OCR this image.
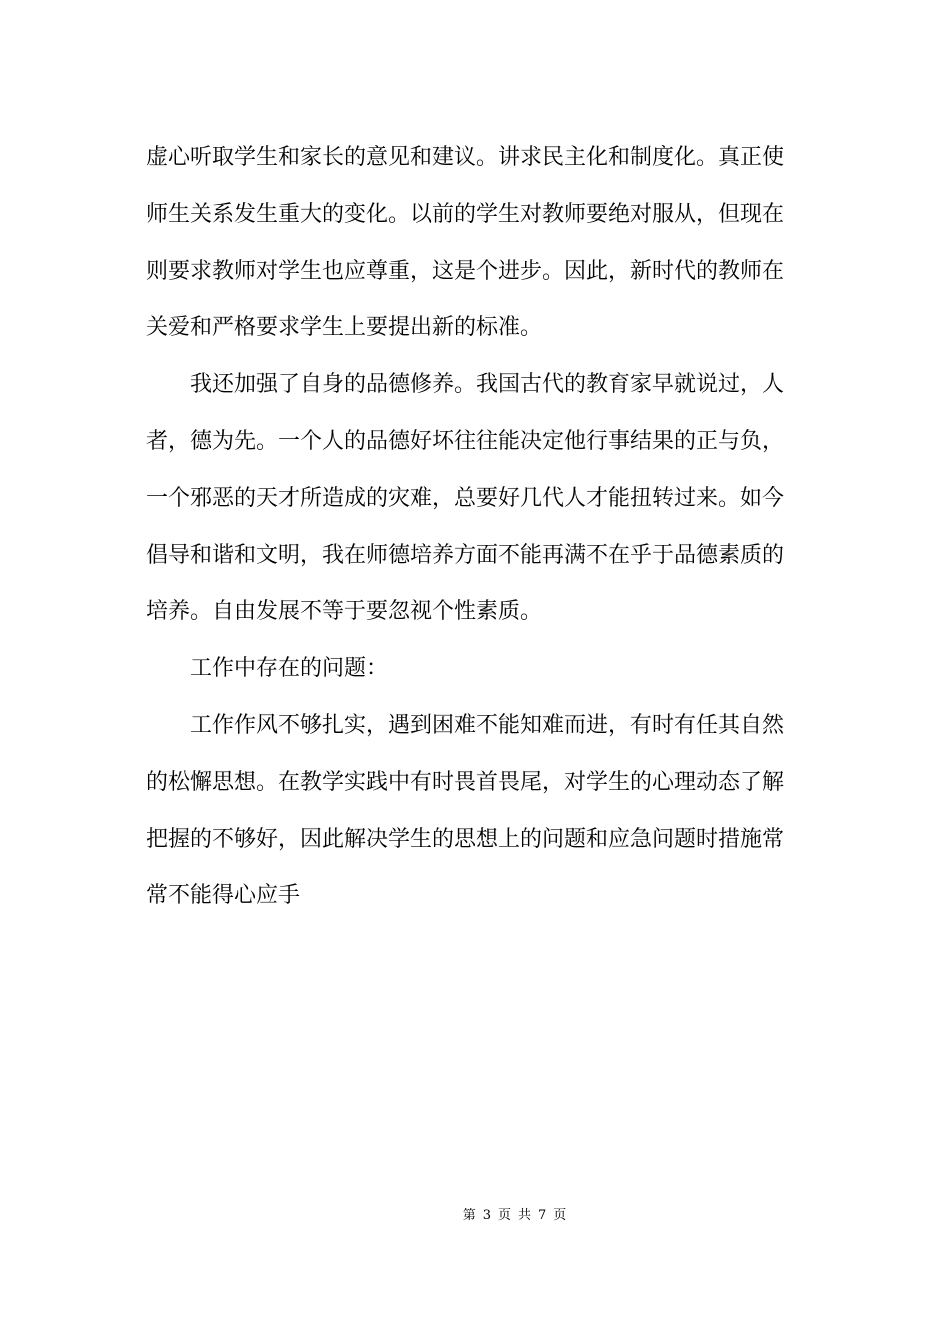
虚心听取学生和家长的意见和建议。讲求民主化和制度化。真正使
师生关系发生重大的变化。以前的学生对教师要绝对服从，但现在
则要求教师对学生也应尊重，这是个进步。因此，新时代的教师在
关爱和严格要求学生上要提出新的标准。
我还加强了自身的品德修养。我国古代的教育家早就说过，人
者，德为先。一个人的品德好坏往往能决定他行事结果的正与负，
一个邪恶的天才所造成的灾难，总要好几代人才能扭转过来。如今
倡导和谐和文明，我在师德培养方面不能再满不在乎于品德素质的
培养。自由发展不等于要忽视个性素质。
工作中存在的问题：
工作作风不够扎实，遇到困难不能知难而进，有时有任其自然
的松懈思想。在教学实践中有时畏首畏尾，对学生的心理动态了解
把握的不够好，因此解决学生的思想上的问题和应急问题时措施常
常不能得心应手
第 3 页 共 7 页
